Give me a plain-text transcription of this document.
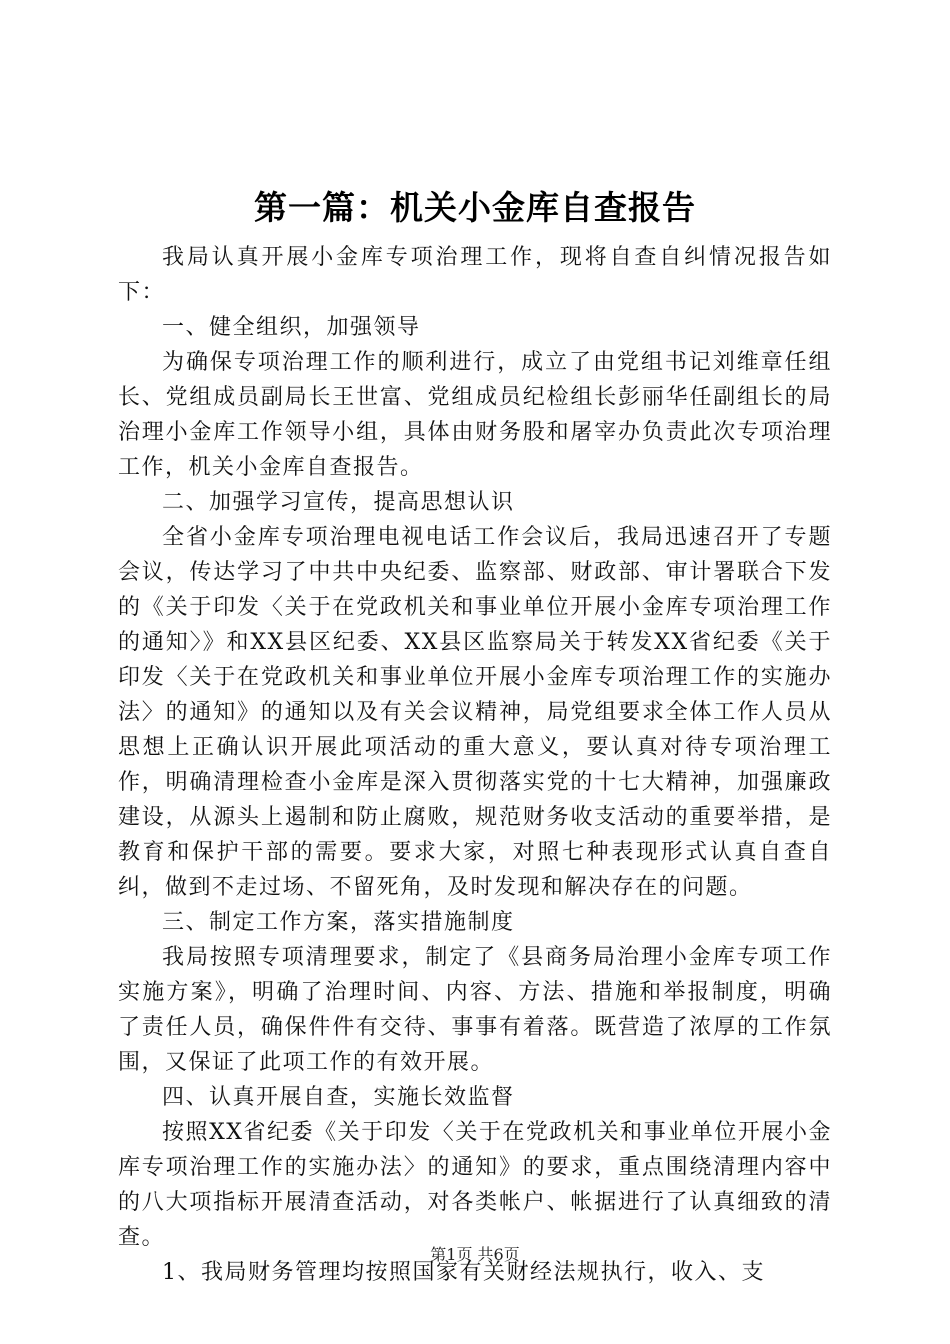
第一篇：机关小金库自查报告

我局认真开展小金库专项治理工作，现将自查自纠情况报告如下：

一、健全组织，加强领导

为确保专项治理工作的顺利进行，成立了由党组书记刘维章任组长、党组成员副局长王世富、党组成员纪检组长彭丽华任副组长的局治理小金库工作领导小组，具体由财务股和屠宰办负责此次专项治理工作，机关小金库自查报告。

二、加强学习宣传，提高思想认识

全省小金库专项治理电视电话工作会议后，我局迅速召开了专题会议，传达学习了中共中央纪委、监察部、财政部、审计署联合下发的《关于印发〈关于在党政机关和事业单位开展小金库专项治理工作的通知〉》和XX县区纪委、XX县区监察局关于转发XX省纪委《关于印发〈关于在党政机关和事业单位开展小金库专项治理工作的实施办法〉的通知》的通知以及有关会议精神，局党组要求全体工作人员从思想上正确认识开展此项活动的重大意义，要认真对待专项治理工作，明确清理检查小金库是深入贯彻落实党的十七大精神，加强廉政建设，从源头上遏制和防止腐败，规范财务收支活动的重要举措，是教育和保护干部的需要。要求大家，对照七种表现形式认真自查自纠，做到不走过场、不留死角，及时发现和解决存在的问题。

三、制定工作方案，落实措施制度

我局按照专项清理要求，制定了《县商务局治理小金库专项工作实施方案》，明确了治理时间、内容、方法、措施和举报制度，明确了责任人员，确保件件有交待、事事有着落。既营造了浓厚的工作氛围，又保证了此项工作的有效开展。

四、认真开展自查，实施长效监督

按照XX省纪委《关于印发〈关于在党政机关和事业单位开展小金库专项治理工作的实施办法〉的通知》的要求，重点围绕清理内容中的八大项指标开展清查活动，对各类帐户、帐据进行了认真细致的清查。

1、我局财务管理均按照国家有关财经法规执行，收入、支

第1页 共6页
